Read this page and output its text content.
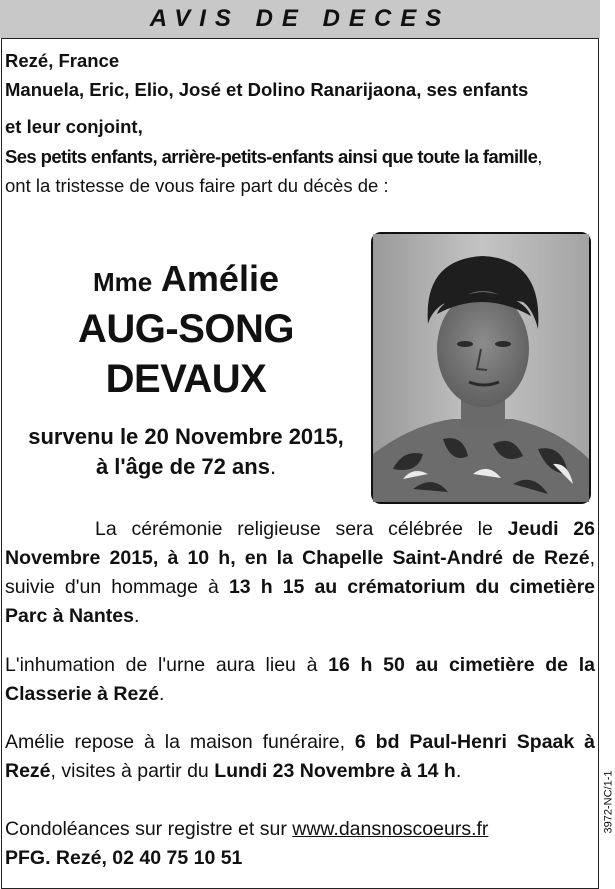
AVIS DE DECES
Rezé, France
Manuela, Eric, Elio, José et Dolino Ranarijaona, ses enfants
et leur conjoint,
Ses petits enfants, arrière-petits-enfants ainsi que toute la famille,
ont la tristesse de vous faire part du décès de :
Mme Amélie
AUG-SONG DEVAUX
survenu le 20 Novembre 2015,
à l'âge de 72 ans.
La cérémonie religieuse sera célébrée le Jeudi 26 Novembre 2015, à 10 h, en la Chapelle Saint-André de Rezé, suivie d'un hommage à 13 h 15 au crématorium du cimetière Parc à Nantes.
L'inhumation de l'urne aura lieu à 16 h 50 au cimetière de la Classerie à Rezé.
Amélie repose à la maison funéraire, 6 bd Paul-Henri Spaak à Rezé, visites à partir du Lundi 23 Novembre à 14 h.
Condoléances sur registre et sur www.dansnoscoeurs.fr
PFG. Rezé, 02 40 75 10 51
3972-NC/1-1
